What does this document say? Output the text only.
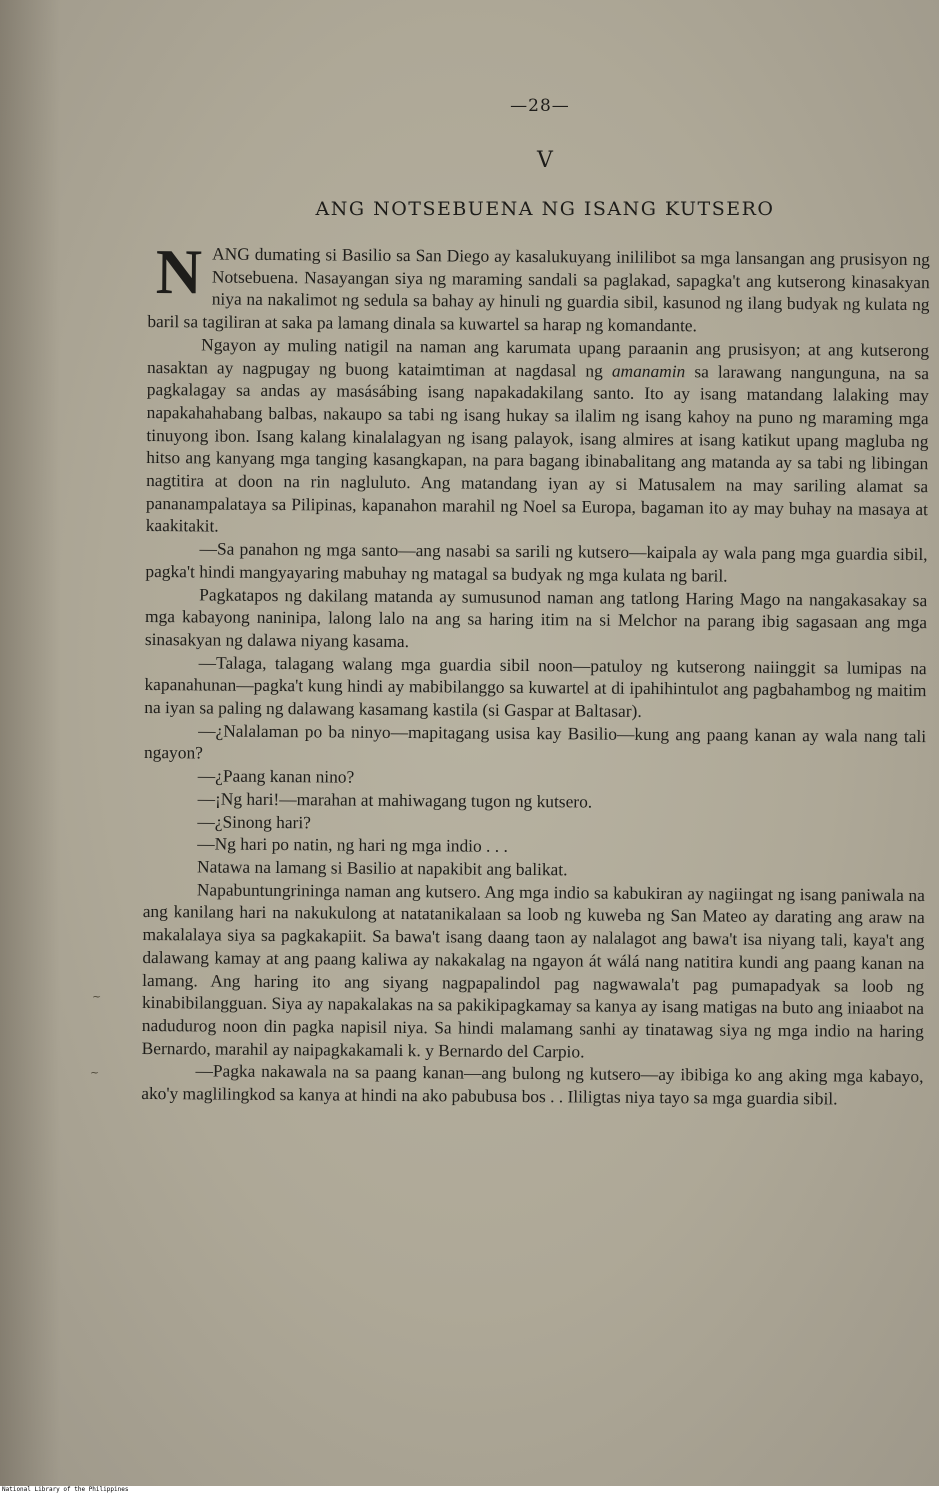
—28—
V
ANG NOTSEBUENA NG ISANG KUTSERO

NANG dumating si Basilio sa San Diego ay kasalukuyang inililibot sa mga lansangan ang prusisyon ng Notsebuena. Nasayangan siya ng maraming sandali sa paglakad, sapagka't ang kutserong kinasakyan niya na nakalimot ng sedula sa bahay ay hinuli ng guardia sibil, kasunod ng ilang budyak ng kulata ng baril sa tagiliran at saka pa lamang dinala sa kuwartel sa harap ng komandante.

Ngayon ay muling natigil na naman ang karumata upang paraanin ang prusisyon; at ang kutserong nasaktan ay nagpugay ng buong kataimtiman at nagdasal ng amanamin sa larawang nangunguna, na sa pagkalagay sa andas ay masásábing isang napakadakilang santo. Ito ay isang matandang lalaking may napakahahabang balbas, nakaupo sa tabi ng isang hukay sa ilalim ng isang kahoy na puno ng maraming mga tinuyong ibon. Isang kalang kinalalagyan ng isang palayok, isang almires at isang katikut upang magluba ng hitso ang kanyang mga tanging kasangkapan, na para bagang ibinabalitang ang matanda ay sa tabi ng libingan nagtitira at doon na rin nagluluto. Ang matandang iyan ay si Matusalem na may sariling alamat sa pananampalataya sa Pilipinas, kapanahon marahil ng Noel sa Europa, bagaman ito ay may buhay na masaya at kaakitakit.

—Sa panahon ng mga santo—ang nasabi sa sarili ng kutsero—kaipala ay wala pang mga guardia sibil, pagka't hindi mangyayaring mabuhay ng matagal sa budyak ng mga kulata ng baril.

Pagkatapos ng dakilang matanda ay sumusunod naman ang tatlong Haring Mago na nangakasakay sa mga kabayong naninipa, lalong lalo na ang sa haring itim na si Melchor na parang ibig sagasaan ang mga sinasakyan ng dalawa niyang kasama.

—Talaga, talagang walang mga guardia sibil noon—patuloy ng kutserong naiinggit sa lumipas na kapanahunan—pagka't kung hindi ay mabibilanggo sa kuwartel at di ipahihintulot ang pagbahambog ng maitim na iyan sa paling ng dalawang kasamang kastila (si Gaspar at Baltasar).

—¿Nalalaman po ba ninyo—mapitagang usisa kay Basilio—kung ang paang kanan ay wala nang tali ngayon?

—¿Paang kanan nino?

—¡Ng hari!—marahan at mahiwagang tugon ng kutsero.

—¿Sinong hari?

—Ng hari po natin, ng hari ng mga indio . . .

Natawa na lamang si Basilio at napakibit ang balikat.

Napabuntungrininga naman ang kutsero. Ang mga indio sa kabukiran ay nagiingat ng isang paniwala na ang kanilang hari na nakukulong at natatanikalaan sa loob ng kuweba ng San Mateo ay darating ang araw na makalalaya siya sa pagkakapiit. Sa bawa't isang daang taon ay nalalagot ang bawa't isa niyang tali, kaya't ang dalawang kamay at ang paang kaliwa ay nakakalag na ngayon át wálá nang natitira kundi ang paang kanan na lamang. Ang haring ito ang siyang nagpapalindol pag nagwawala't pag pumapadyak sa loob ng kinabibilangguan. Siya ay napakalakas na sa pakikipagkamay sa kanya ay isang matigas na buto ang iniaabot na nadudurog noon din pagka napisil niya. Sa hindi malamang sanhi ay tinatawag siya ng mga indio na haring Bernardo, marahil ay naipagkakamali k. y Bernardo del Carpio.

—Pagka nakawala na sa paang kanan—ang bulong ng kutsero—ay ibibiga ko ang aking mga kabayo, ako'y maglilingkod sa kanya at hindi na ako pabubusa bos . . Ililigtas niya tayo sa mga guardia sibil.

~
~
National Library of the Philippines
